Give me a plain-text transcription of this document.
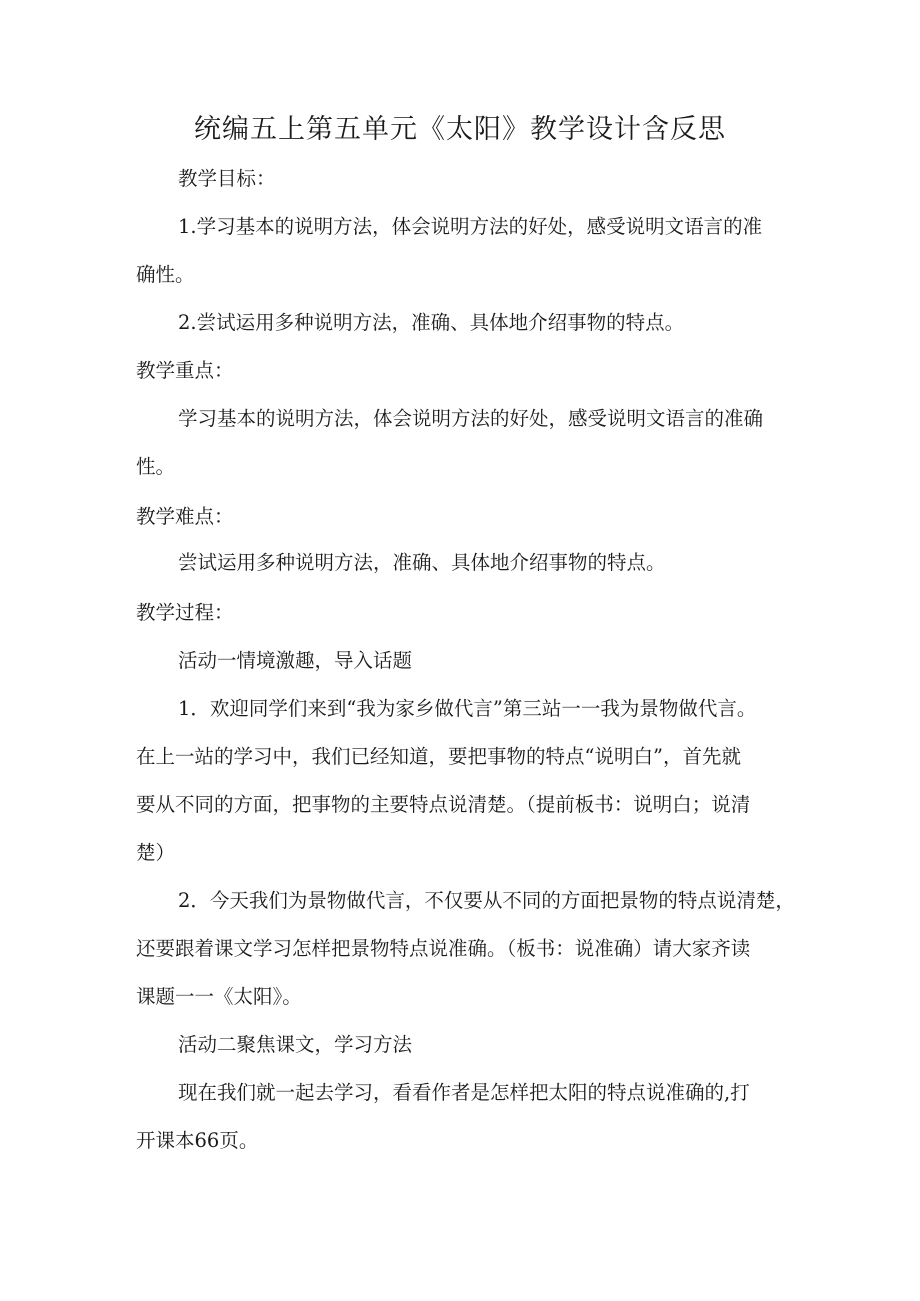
统编五上第五单元《太阳》教学设计含反思
教学目标：
1.学习基本的说明方法，体会说明方法的好处，感受说明文语言的准
确性。
2.尝试运用多种说明方法，准确、具体地介绍事物的特点。
教学重点：
学习基本的说明方法，体会说明方法的好处，感受说明文语言的准确
性。
教学难点：
尝试运用多种说明方法，准确、具体地介绍事物的特点。
教学过程：
活动一情境激趣，导入话题
1．欢迎同学们来到“我为家乡做代言”第三站一一我为景物做代言。
在上一站的学习中，我们已经知道，要把事物的特点“说明白”，首先就
要从不同的方面，把事物的主要特点说清楚。（提前板书：说明白；说清
楚）
2．今天我们为景物做代言，不仅要从不同的方面把景物的特点说清楚，
还要跟着课文学习怎样把景物特点说准确。（板书：说准确）请大家齐读
课题一一《太阳》。
活动二聚焦课文，学习方法
现在我们就一起去学习，看看作者是怎样把太阳的特点说准确的,打
开课本66页。
